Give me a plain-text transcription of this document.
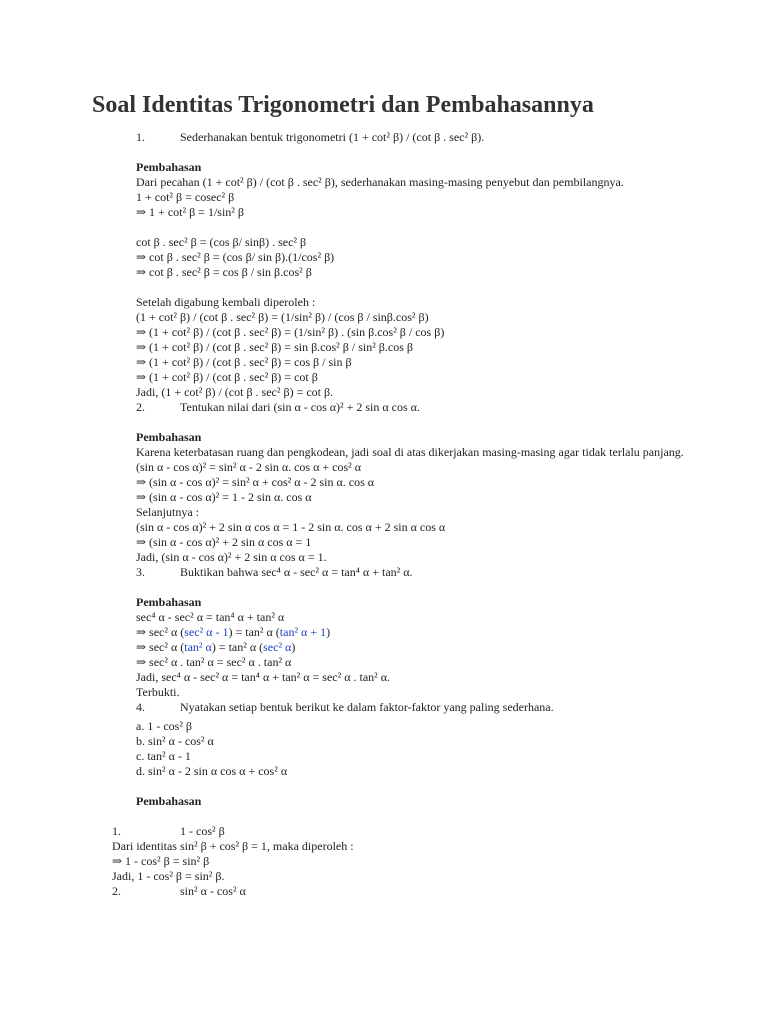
Soal Identitas Trigonometri dan Pembahasannya
1.	Sederhanakan bentuk trigonometri (1 + cot² β) / (cot β . sec² β).
Pembahasan
Dari pecahan (1 + cot² β) / (cot β . sec² β), sederhanakan masing-masing penyebut dan pembilangnya.
1 + cot² β = cosec² β
⇒ 1 + cot² β = 1/sin² β
cot β . sec² β = (cos β/ sinβ) . sec² β
⇒ cot β . sec² β = (cos β/ sin β).(1/cos² β)
⇒ cot β . sec² β = cos β / sin β.cos² β
Setelah digabung kembali diperoleh :
(1 + cot² β) / (cot β . sec² β) = (1/sin² β) / (cos β / sinβ.cos² β)
⇒ (1 + cot² β) / (cot β . sec² β) = (1/sin² β) . (sin β.cos² β / cos β)
⇒ (1 + cot² β) / (cot β . sec² β) = sin β.cos² β / sin² β.cos β
⇒ (1 + cot² β) / (cot β . sec² β) = cos β / sin β
⇒ (1 + cot² β) / (cot β . sec² β) = cot β
Jadi, (1 + cot² β) / (cot β . sec² β) = cot β.
2.	Tentukan nilai dari (sin α - cos α)² + 2 sin α cos α.
Pembahasan
Karena keterbatasan ruang dan pengkodean, jadi soal di atas dikerjakan masing-masing agar tidak terlalu panjang.
(sin α - cos α)² = sin² α - 2 sin α. cos α + cos² α
⇒ (sin α - cos α)² = sin² α + cos² α - 2 sin α. cos α
⇒ (sin α - cos α)² = 1 - 2 sin α. cos α
Selanjutnya :
(sin α - cos α)² + 2 sin α cos α = 1 - 2 sin α. cos α + 2 sin α cos α
⇒ (sin α - cos α)² + 2 sin α cos α = 1
Jadi, (sin α - cos α)² + 2 sin α cos α = 1.
3.	Buktikan bahwa sec⁴ α - sec² α = tan⁴ α + tan² α.
Pembahasan
sec⁴ α - sec² α = tan⁴ α + tan² α
⇒ sec² α (sec² α - 1) = tan² α (tan² α + 1)
⇒ sec² α (tan² α) = tan² α (sec² α)
⇒ sec² α . tan² α = sec² α . tan² α
Jadi, sec⁴ α - sec² α = tan⁴ α + tan² α = sec² α . tan² α.
Terbukti.
4.	Nyatakan setiap bentuk berikut ke dalam faktor-faktor yang paling sederhana.
a. 1 - cos² β
b. sin² α - cos² α
c. tan² α - 1
d. sin² α - 2 sin α cos α + cos² α
Pembahasan
1.	1 - cos² β
Dari identitas sin² β + cos² β = 1, maka diperoleh :
⇒ 1 - cos² β = sin² β
Jadi, 1 - cos² β = sin² β.
2.	sin² α - cos² α
